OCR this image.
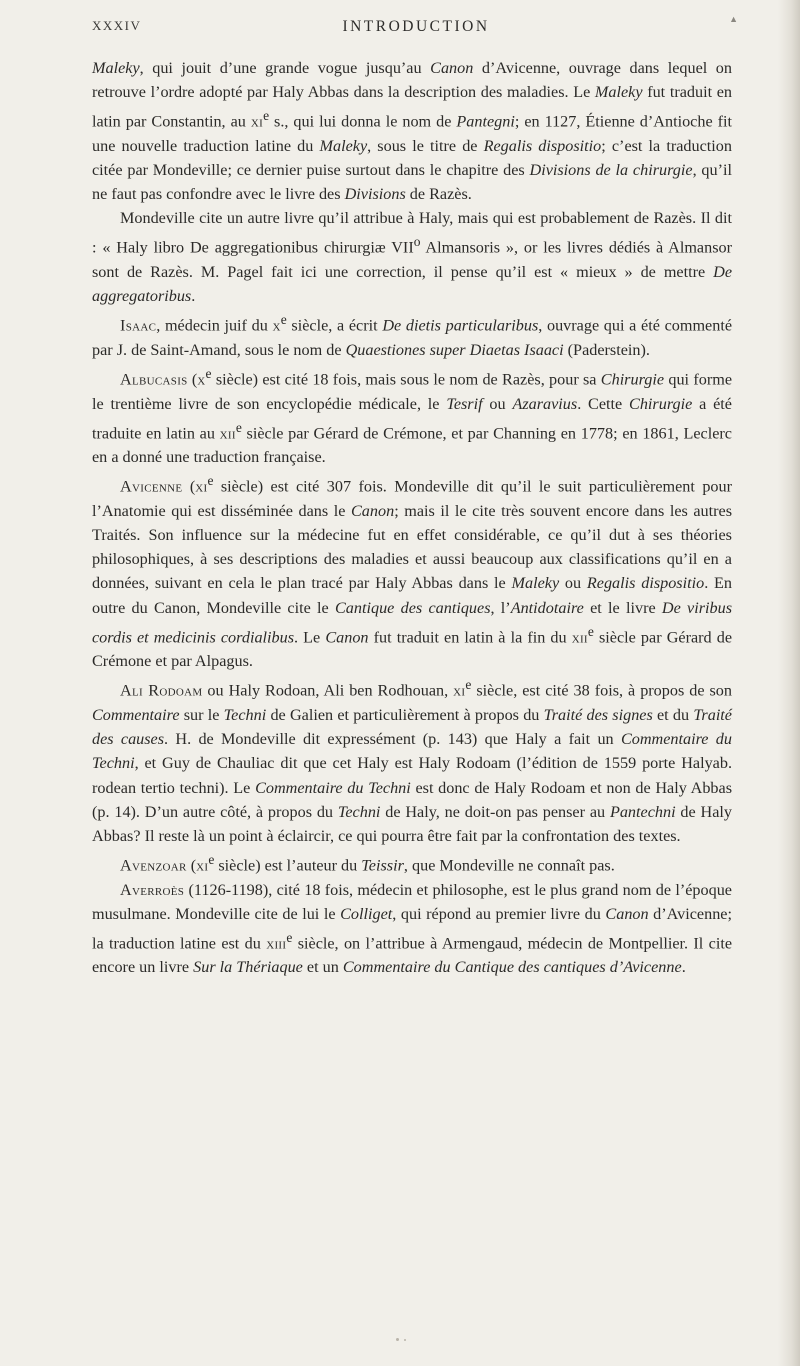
XXXIV	INTRODUCTION	▲

Maleky, qui jouit d’une grande vogue jusqu’au Canon d’Avicenne, ouvrage dans lequel on retrouve l’ordre adopté par Haly Abbas dans la description des maladies. Le Maleky fut traduit en latin par Constantin, au $xi^e$ s., qui lui donna le nom de Pantegni; en 1127, Étienne d’Antioche fit une nouvelle traduction latine du Maleky, sous le titre de Regalis dispositio; c’est la traduction citée par Mondeville; ce dernier puise surtout dans le chapitre des Divisions de la chirurgie, qu’il ne faut pas confondre avec le livre des Divisions de Razès.

Mondeville cite un autre livre qu’il attribue à Haly, mais qui est probablement de Razès. Il dit : « Haly libro De aggregationibus chirurgiæ VII$^o$ Almansoris », or les livres dédiés à Almansor sont de Razès. M. Pagel fait ici une correction, il pense qu’il est « mieux » de mettre De aggregatoribus.

Isaac, médecin juif du $x^e$ siècle, a écrit De dietis particularibus, ouvrage qui a été commenté par J. de Saint-Amand, sous le nom de Quaestiones super Diaetas Isaaci (Paderstein).

Albucasis ($x^e$ siècle) est cité 18 fois, mais sous le nom de Razès, pour sa Chirurgie qui forme le trentième livre de son encyclopédie médicale, le Tesrif ou Azaravius. Cette Chirurgie a été traduite en latin au xii$^e$ siècle par Gérard de Crémone, et par Channing en 1778; en 1861, Leclerc en a donné une traduction française.

Avicenne ($xi^e$ siècle) est cité 307 fois. Mondeville dit qu’il le suit particulièrement pour l’Anatomie qui est disséminée dans le Canon; mais il le cite très souvent encore dans les autres Traités. Son influence sur la médecine fut en effet considérable, ce qu’il dut à ses théories philosophiques, à ses descriptions des maladies et aussi beaucoup aux classifications qu’il en a données, suivant en cela le plan tracé par Haly Abbas dans le Maleky ou Regalis dispositio. En outre du Canon, Mondeville cite le Cantique des cantiques, l’Antidotaire et le livre De viribus cordis et medicinis cordialibus. Le Canon fut traduit en latin à la fin du xii$^e$ siècle par Gérard de Crémone et par Alpagus.

Ali Rodoam ou Haly Rodoan, Ali ben Rodhouan, $xi^e$ siècle, est cité 38 fois, à propos de son Commentaire sur le Techni de Galien et particulièrement à propos du Traité des signes et du Traité des causes. H. de Mondeville dit expressément (p. 143) que Haly a fait un Commentaire du Techni, et Guy de Chauliac dit que cet Haly est Haly Rodoam (l’édition de 1559 porte Halyab. rodean tertio techni). Le Commentaire du Techni est donc de Haly Rodoam et non de Haly Abbas (p. 14). D’un autre côté, à propos du Techni de Haly, ne doit-on pas penser au Pantechni de Haly Abbas? Il reste là un point à éclaircir, ce qui pourra être fait par la confrontation des textes.

Avenzoar ($xi^e$ siècle) est l’auteur du Teissir, que Mondeville ne connaît pas.

Averroès (1126-1198), cité 18 fois, médecin et philosophe, est le plus grand nom de l’époque musulmane. Mondeville cite de lui le Colliget, qui répond au premier livre du Canon d’Avicenne; la traduction latine est du xiii$^e$ siècle, on l’attribue à Armengaud, médecin de Montpellier. Il cite encore un livre Sur la Thériaque et un Commentaire du Cantique des cantiques d’Avicenne.
